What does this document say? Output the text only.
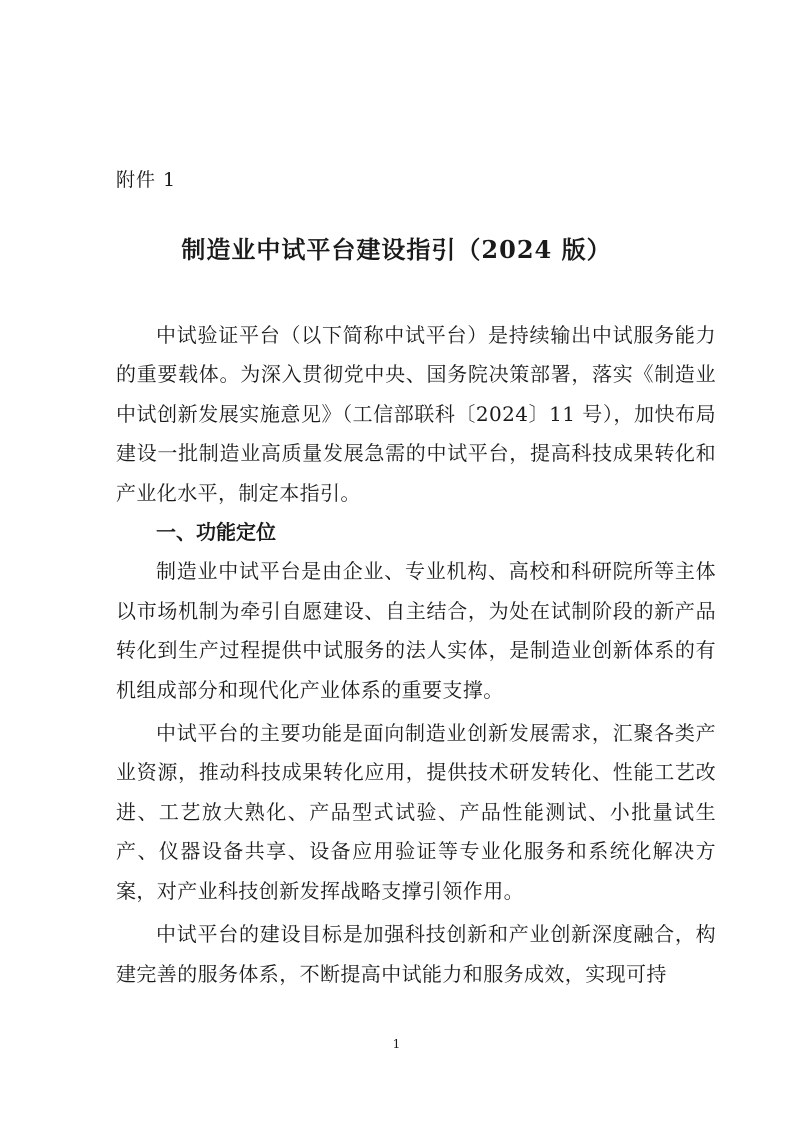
附件 1
制造业中试平台建设指引（2024 版）

中试验证平台（以下简称中试平台）是持续输出中试服务能力的重要载体。为深入贯彻党中央、国务院决策部署，落实《制造业中试创新发展实施意见》（工信部联科〔2024〕11 号），加快布局建设一批制造业高质量发展急需的中试平台，提高科技成果转化和产业化水平，制定本指引。

一、功能定位

制造业中试平台是由企业、专业机构、高校和科研院所等主体以市场机制为牵引自愿建设、自主结合，为处在试制阶段的新产品转化到生产过程提供中试服务的法人实体，是制造业创新体系的有机组成部分和现代化产业体系的重要支撑。

中试平台的主要功能是面向制造业创新发展需求，汇聚各类产业资源，推动科技成果转化应用，提供技术研发转化、性能工艺改进、工艺放大熟化、产品型式试验、产品性能测试、小批量试生产、仪器设备共享、设备应用验证等专业化服务和系统化解决方案，对产业科技创新发挥战略支撑引领作用。

中试平台的建设目标是加强科技创新和产业创新深度融合，构建完善的服务体系，不断提高中试能力和服务成效，实现可持

1
